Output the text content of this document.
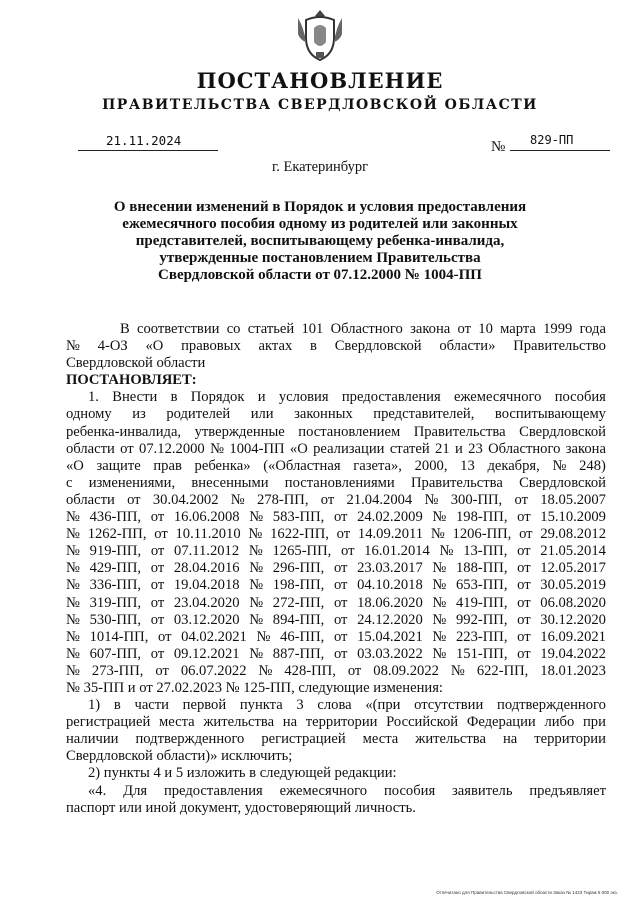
ПОСТАНОВЛЕНИЕ
ПРАВИТЕЛЬСТВА СВЕРДЛОВСКОЙ ОБЛАСТИ
21.11.2024	№ 829-ПП
г. Екатеринбург
О внесении изменений в Порядок и условия предоставления
ежемесячного пособия одному из родителей или законных
представителей, воспитывающему ребенка-инвалида,
утвержденные постановлением Правительства
Свердловской области от 07.12.2000 № 1004-ПП
В соответствии со статьей 101 Областного закона от 10 марта 1999 года
№ 4-ОЗ «О правовых актах в Свердловской области» Правительство
Свердловской области
ПОСТАНОВЛЯЕТ:
1. Внести в Порядок и условия предоставления ежемесячного пособия
одному из родителей или законных представителей, воспитывающему
ребенка-инвалида, утвержденные постановлением Правительства Свердловской
области от 07.12.2000 № 1004-ПП «О реализации статей 21 и 23 Областного закона
«О защите прав ребенка» («Областная газета», 2000, 13 декабря, № 248)
с изменениями, внесенными постановлениями Правительства Свердловской
области от 30.04.2002 № 278-ПП, от 21.04.2004 № 300-ПП, от 18.05.2007
№ 436-ПП, от 16.06.2008 № 583-ПП, от 24.02.2009 № 198-ПП, от 15.10.2009
№ 1262-ПП, от 10.11.2010 № 1622-ПП, от 14.09.2011 № 1206-ПП, от 29.08.2012
№ 919-ПП, от 07.11.2012 № 1265-ПП, от 16.01.2014 № 13-ПП, от 21.05.2014
№ 429-ПП, от 28.04.2016 № 296-ПП, от 23.03.2017 № 188-ПП, от 12.05.2017
№ 336-ПП, от 19.04.2018 № 198-ПП, от 04.10.2018 № 653-ПП, от 30.05.2019
№ 319-ПП, от 23.04.2020 № 272-ПП, от 18.06.2020 № 419-ПП, от 06.08.2020
№ 530-ПП, от 03.12.2020 № 894-ПП, от 24.12.2020 № 992-ПП, от 30.12.2020
№ 1014-ПП, от 04.02.2021 № 46-ПП, от 15.04.2021 № 223-ПП, от 16.09.2021
№ 607-ПП, от 09.12.2021 № 887-ПП, от 03.03.2022 № 151-ПП, от 19.04.2022
№ 273-ПП, от 06.07.2022 № 428-ПП, от 08.09.2022 № 622-ПП, 18.01.2023
№ 35-ПП и от 27.02.2023 № 125-ПП, следующие изменения:
1) в части первой пункта 3 слова «(при отсутствии подтвержденного
регистрацией места жительства на территории Российской Федерации либо при
наличии подтвержденного регистрацией места жительства на территории
Свердловской области)» исключить;
2) пункты 4 и 5 изложить в следующей редакции:
«4. Для предоставления ежемесячного пособия заявитель предъявляет
паспорт или иной документ, удостоверяющий личность.
Отпечатано для Правительства Свердловской области Заказ № 1423 Тираж 5 000 экз.
